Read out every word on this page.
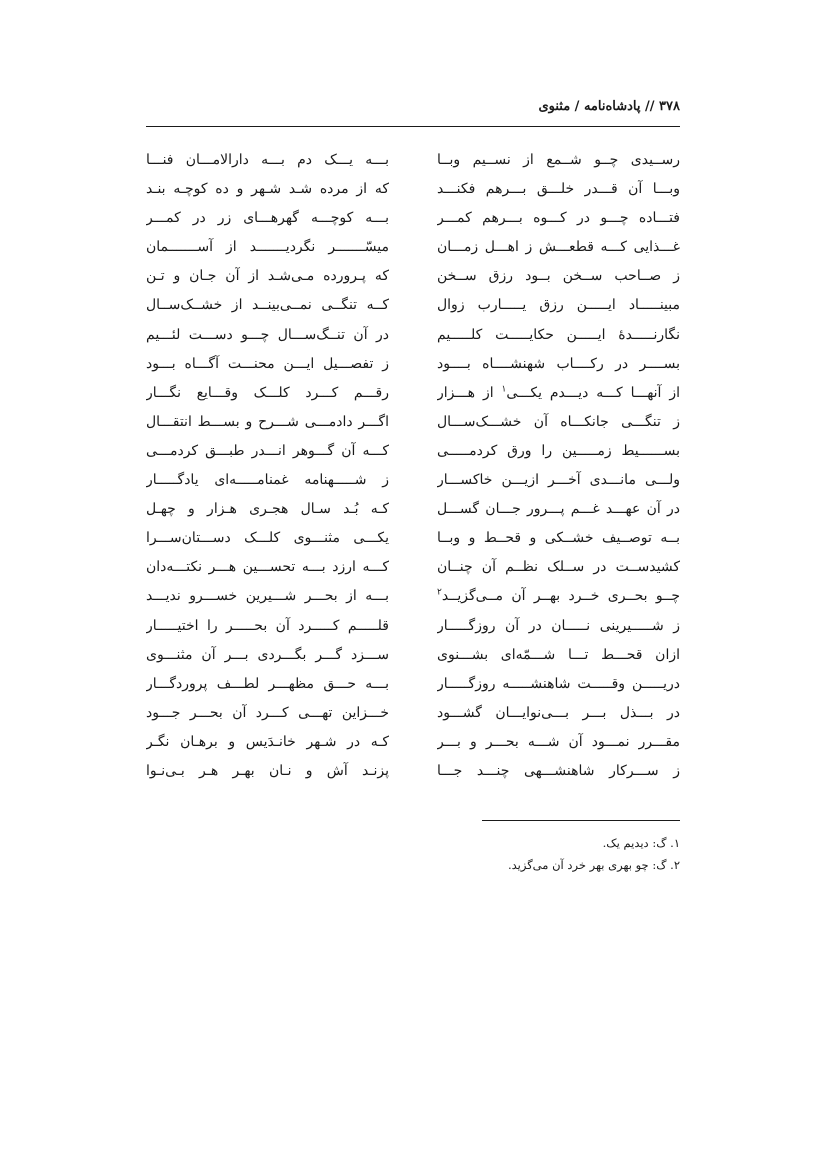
۳۷۸ // پادشاه‌نامه / مثنوی
رســیدی چــو شــمع از نســیم وبــا
بـــه یـــک دم بـــه دارالامـــان فنـــا
وبـــا آن قـــدر خلـــق بـــرهم فکنـــد
که از مرده شـد شـهر و ده کوچـه بنـد
فتـــاده چـــو در کـــوه بـــرهم کمـــر
بـــه کوچـــه گهرهـــای زر در کمـــر
غـــذایی کـــه قطعـــش ز اهـــل زمـــان
میسّـــــــر نگردیـــــــد از آســـــــمان
ز صــاحب ســخن بــود رزق ســخن
که پـرورده مـی‌شـد از آن جـان و تـن
مبینـــــاد ایـــــن رزق یـــــارب زوال
کــه تنگــی نمــی‌بینــد از خشــک‌ســال
نگارنـــــدهٔ ایـــــن حکایـــــت کلـــــیم
در آن تنــگ‌ســـال چـــو دســـت لئـــیم
بســــر در رکــــاب شهنشــــاه بــــود
ز تفصـــیل ایـــن محنـــت آگـــاه بـــود
از آنهـــا کـــه دیـــدم یکـــی$^۱$ از هـــزار
رقـــم کـــرد کلـــک وقـــایع نگـــار
ز تنگـــی جانکـــاه آن خشـــک‌ســـال
اگـــر دادمـــی شـــرح و بســـط انتقـــال
بســــــیط زمـــــین را ورق کردمـــــی
کـــه آن گـــوهر انـــدر طبـــق کردمـــی
ولـــی مانـــدی آخـــر ازیـــن خاکســـار
ز شـــــهنامه غمنامـــــه‌ای یادگـــــار
در آن عهـــد غـــم پـــرور جـــان گســـل
کـه بُـد سـال هجـری هـزار و چهـل
بــه توصــیف خشــکی و قحــط و وبــا
یکـــی مثنـــوی کلـــک دســـتان‌ســـرا
کشیدســت در ســلک نظــم آن چنــان
کـــه ارزد بـــه تحســـین هـــر نکتـــه‌دان
چــو بحــری خــرد بهــر آن مــی‌گزیــد$^۲$
بـــه از بحـــر شـــیرین خســـرو ندیـــد
ز شـــــیرینی نـــــان در آن روزگـــــار
قلـــــم کـــــرد آن بحـــــر را اختیـــــار
ازان قحـــط تـــا شـــمّه‌ای بشـــنوی
ســـزد گـــر بگـــردی بـــر آن مثنـــوی
دریـــــن وقـــــت شاهنشـــــه روزگـــــار
بـــه حـــق مظهـــر لطـــف پروردگـــار
در بـــذل بـــر بـــی‌نوایـــان گشـــود
خـــزاین تهـــی کـــرد آن بحـــر جـــود
مقـــرر نمـــود آن شـــه بحـــر و بـــر
کـه در شـهر خانـدَیس و برهـان نگـر
ز ســـرکار شاهنشـــهی چنـــد جـــا
پزنـد آش و نـان بهـر هـر بـی‌نـوا
۱. گ: دیدیم یک.
۲. گ: چو بهری بهر خرد آن می‌گزید.
